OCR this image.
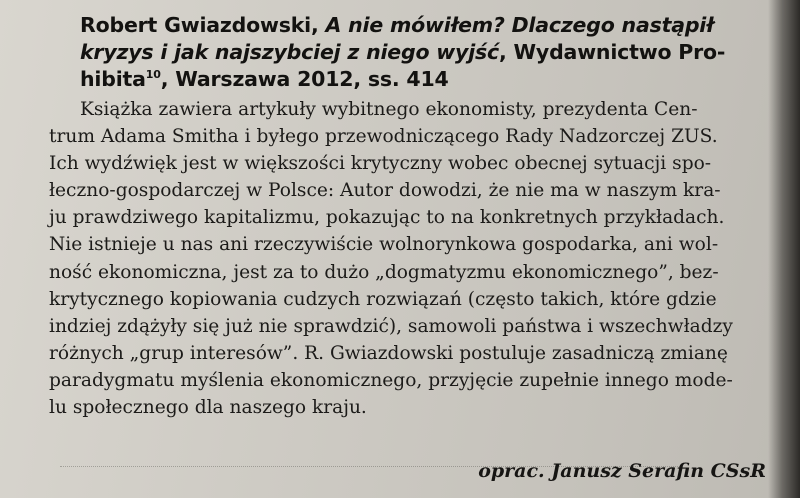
Robert Gwiazdowski, A nie mówiłem? Dlaczego nastąpił
kryzys i jak najszybciej z niego wyjść, Wydawnictwo Pro-
hibita$^{10}$, Warszawa 2012, ss. 414
Książka zawiera artykuły wybitnego ekonomisty, prezydenta Cen-
trum Adama Smitha i byłego przewodniczącego Rady Nadzorczej ZUS.
Ich wydźwięk jest w większości krytyczny wobec obecnej sytuacji spo-
łeczno-gospodarczej w Polsce: Autor dowodzi, że nie ma w naszym kra-
ju prawdziwego kapitalizmu, pokazując to na konkretnych przykładach.
Nie istnieje u nas ani rzeczywiście wolnorynkowa gospodarka, ani wol-
ność ekonomiczna, jest za to dużo „dogmatyzmu ekonomicznego”, bez-
krytycznego kopiowania cudzych rozwiązań (często takich, które gdzie
indziej zdążyły się już nie sprawdzić), samowoli państwa i wszechwładzy
różnych „grup interesów”. R. Gwiazdowski postuluje zasadniczą zmianę
paradygmatu myślenia ekonomicznego, przyjęcie zupełnie innego mode-
lu społecznego dla naszego kraju.
oprac. Janusz Serafin CSsR
